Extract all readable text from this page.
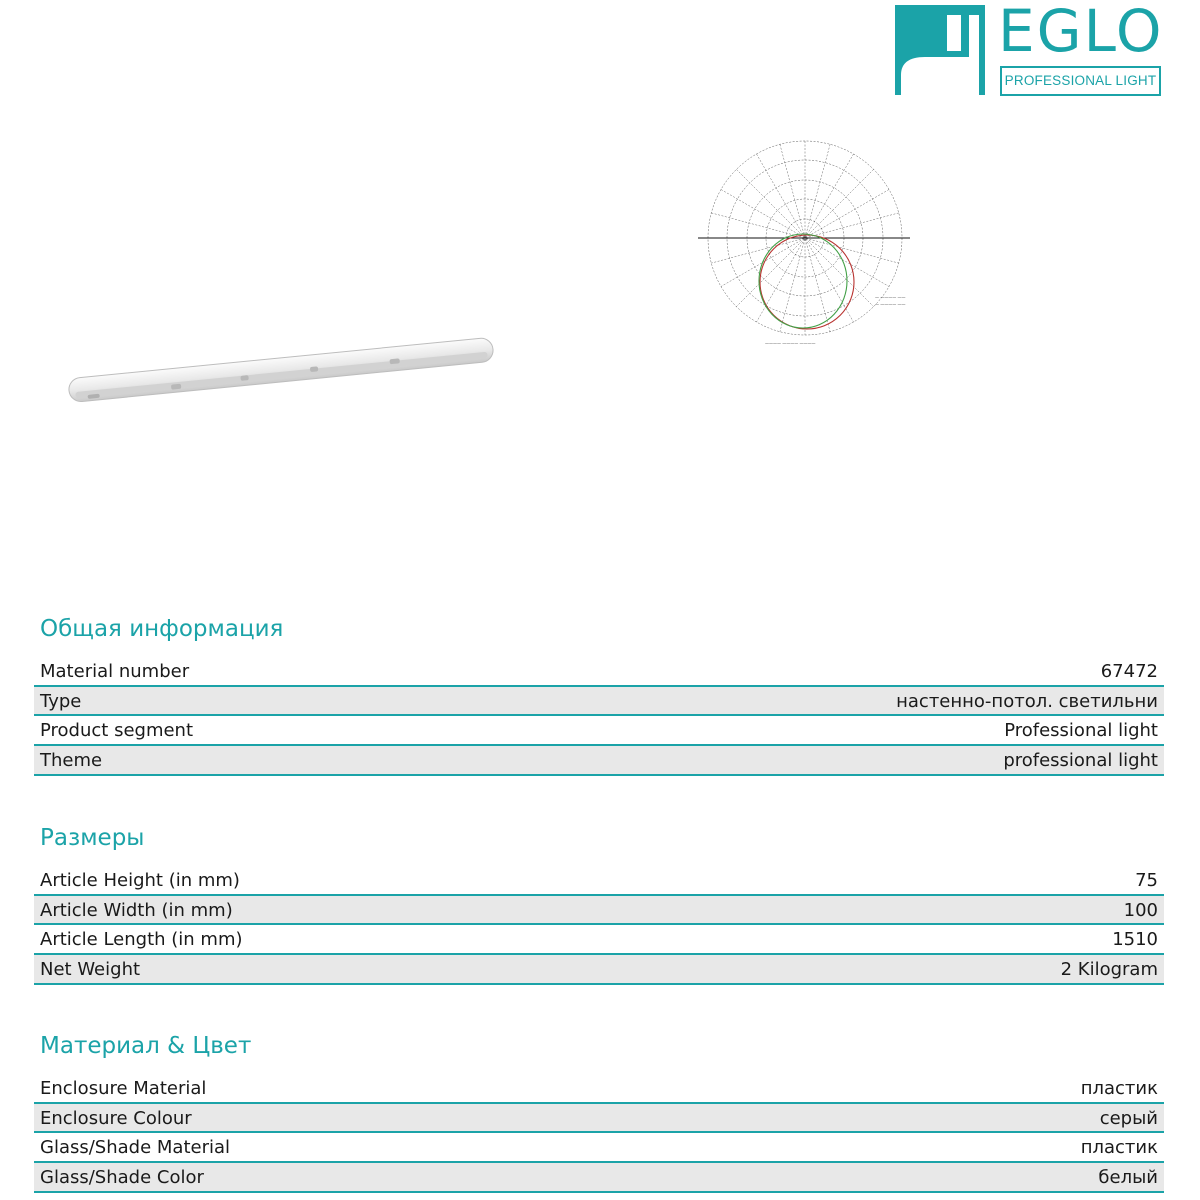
EGLO
PROFESSIONAL LIGHT
— ———— ——
— ———— ——
———— ———— ————
Общая информация
Material number	67472
Type	настенно-потол. светильни
Product segment	Professional light
Theme	professional light
Размеры
Article Height (in mm)	75
Article Width (in mm)	100
Article Length (in mm)	1510
Net Weight	2 Kilogram
Материал & Цвет
Enclosure Material	пластик
Enclosure Colour	серый
Glass/Shade Material	пластик
Glass/Shade Color	белый
